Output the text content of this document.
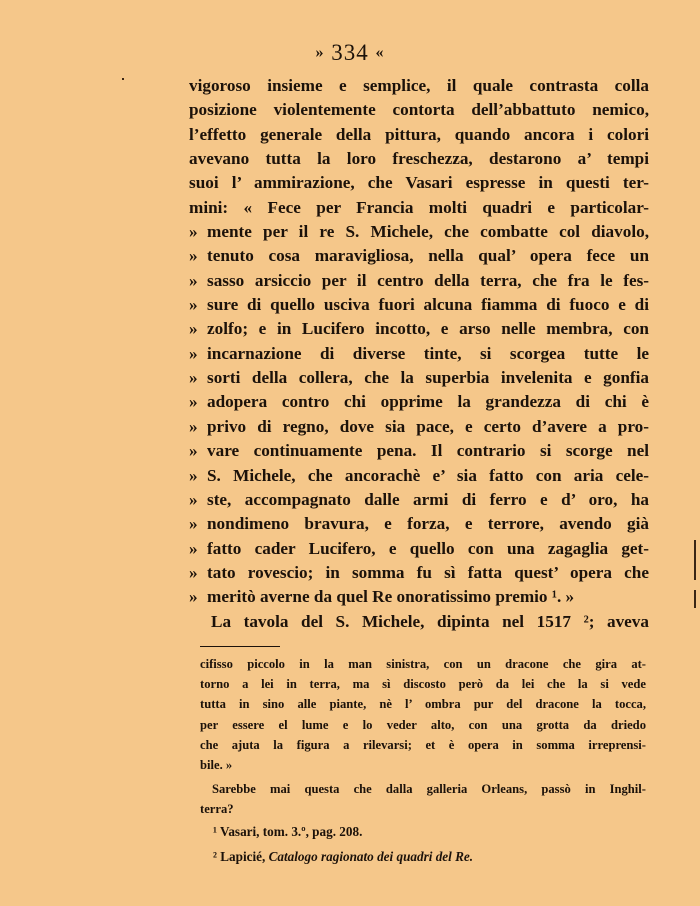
» 334 «
vigoroso insieme e semplice, il quale contrasta colla
posizione violentemente contorta dell’abbattuto nemico,
l’effetto generale della pittura, quando ancora i colori
avevano tutta la loro freschezza, destarono a’ tempi
suoi l’ ammirazione, che Vasari espresse in questi ter-
mini: « Fece per Francia molti quadri e particolar-
» mente per il re S. Michele, che combatte col diavolo,
» tenuto cosa maravigliosa, nella qual’ opera fece un
» sasso arsiccio per il centro della terra, che fra le fes-
» sure di quello usciva fuori alcuna fiamma di fuoco e di
» zolfo; e in Lucifero incotto, e arso nelle membra, con
» incarnazione di diverse tinte, si scorgea tutte le
» sorti della collera, che la superbia invelenita e gonfia
» adopera contro chi opprime la grandezza di chi è
» privo di regno, dove sia pace, e certo d’avere a pro-
» vare continuamente pena. Il contrario si scorge nel
» S. Michele, che ancorachè e’ sia fatto con aria cele-
» ste, accompagnato dalle armi di ferro e d’ oro, ha
» nondimeno bravura, e forza, e terrore, avendo già
» fatto cader Lucifero, e quello con una zagaglia get-
» tato rovescio; in somma fu sì fatta quest’ opera che
» meritò averne da quel Re onoratissimo premio ¹. »
La tavola del S. Michele, dipinta nel 1517 ²; aveva
cifisso piccolo in la man sinistra, con un dracone che gira at-
torno a lei in terra, ma sì discosto però da lei che la si vede
tutta in sino alle piante, nè l’ ombra pur del dracone la tocca,
per essere el lume e lo veder alto, con una grotta da driedo
che ajuta la figura a rilevarsi; et è opera in somma irreprensi-
bile. »
Sarebbe mai questa che dalla galleria Orleans, passò in Inghil-
terra?
¹ Vasari, tom. 3.º, pag. 208.
² Lapicié, Catalogo ragionato dei quadri del Re.
